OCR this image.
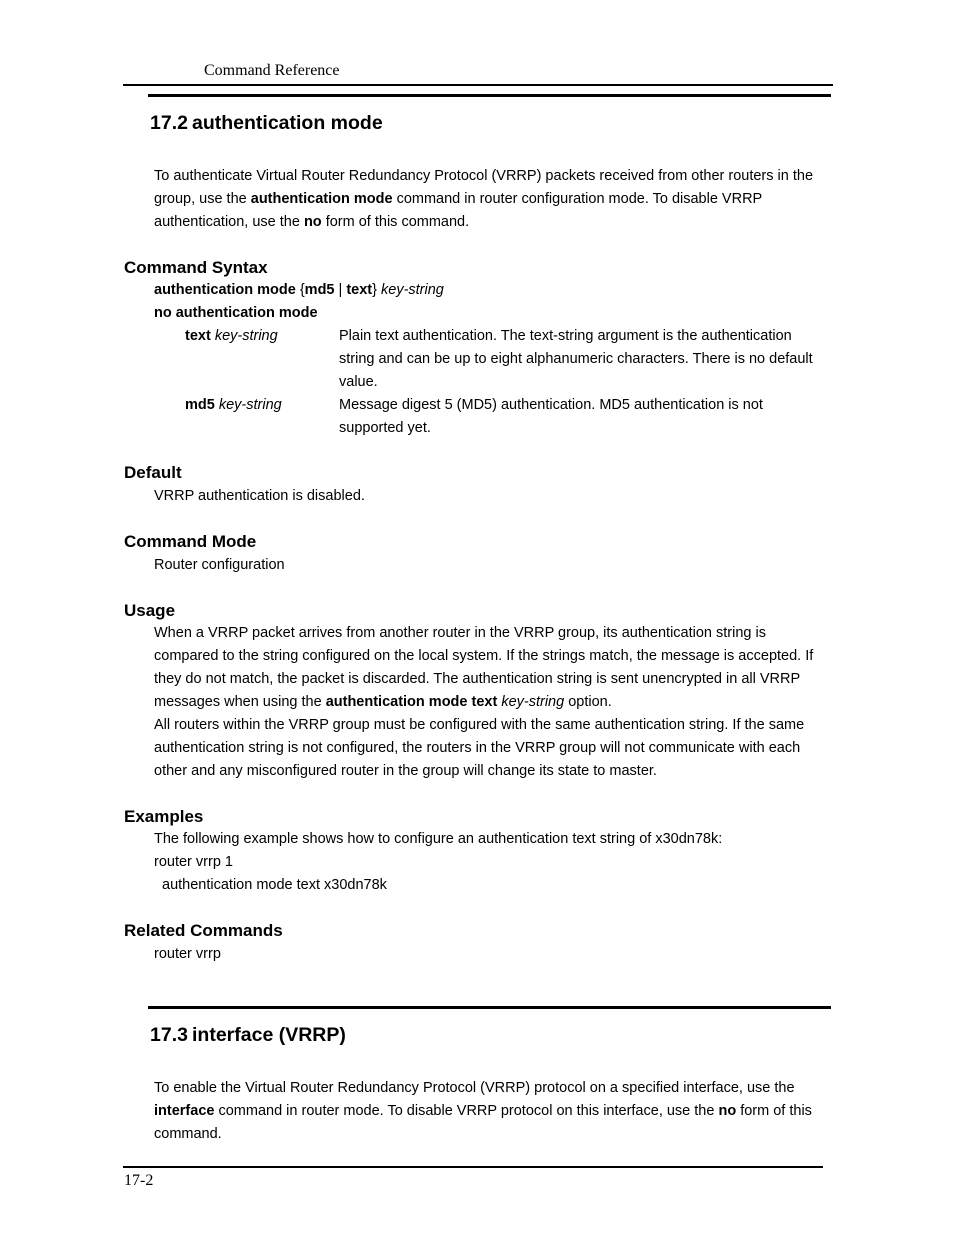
Command Reference
17.2 authentication mode
To authenticate Virtual Router Redundancy Protocol (VRRP) packets received from other routers in the group, use the authentication mode command in router configuration mode. To disable VRRP authentication, use the no form of this command.
Command Syntax
authentication mode {md5 | text} key-string
no authentication mode
text key-string	Plain text authentication. The text-string argument is the authentication string and can be up to eight alphanumeric characters. There is no default value.
md5 key-string	Message digest 5 (MD5) authentication. MD5 authentication is not supported yet.
Default
VRRP authentication is disabled.
Command Mode
Router configuration
Usage
When a VRRP packet arrives from another router in the VRRP group, its authentication string is compared to the string configured on the local system. If the strings match, the message is accepted. If they do not match, the packet is discarded. The authentication string is sent unencrypted in all VRRP messages when using the authentication mode text key-string option.
All routers within the VRRP group must be configured with the same authentication string. If the same authentication string is not configured, the routers in the VRRP group will not communicate with each other and any misconfigured router in the group will change its state to master.
Examples
The following example shows how to configure an authentication text string of x30dn78k:
router vrrp 1
authentication mode text x30dn78k
Related Commands
router vrrp
17.3 interface (VRRP)
To enable the Virtual Router Redundancy Protocol (VRRP) protocol on a specified interface, use the interface command in router mode. To disable VRRP protocol on this interface, use the no form of this command.
17-2
